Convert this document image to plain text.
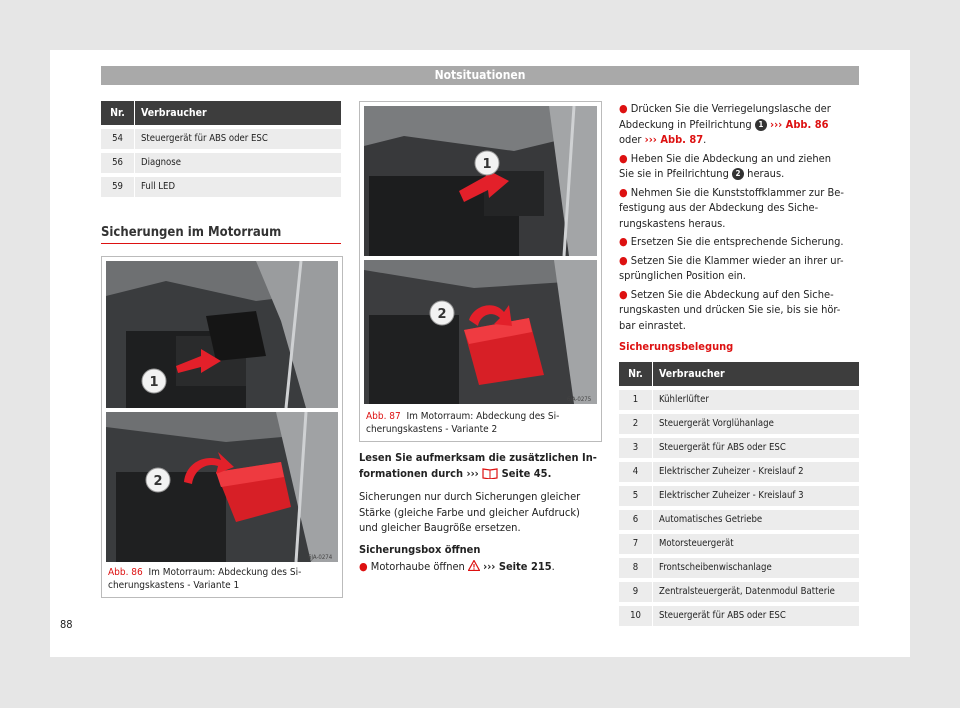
Notsituationen
Nr.	Verbraucher
54	Steuergerät für ABS oder ESC
56	Diagnose
59	Full LED
Sicherungen im Motorraum
1
2
6JA-0274
Abb. 86 Im Motorraum: Abdeckung des Si-
cherungskastens - Variante 1
1
2
6JA-0275
Abb. 87 Im Motorraum: Abdeckung des Si-
cherungskastens - Variante 2
Lesen Sie aufmerksam die zusätzlichen In-
formationen durch ››› Seite 45.
Sicherungen nur durch Sicherungen gleicher
Stärke (gleiche Farbe und gleicher Aufdruck)
und gleicher Baugröße ersetzen.
Sicherungsbox öffnen
● Motorhaube öffnen ››› Seite 215.
● Drücken Sie die Verriegelungslasche der
Abdeckung in Pfeilrichtung 1 ››› Abb. 86
oder ››› Abb. 87.
● Heben Sie die Abdeckung an und ziehen
Sie sie in Pfeilrichtung 2 heraus.
● Nehmen Sie die Kunststoffklammer zur Be-
festigung aus der Abdeckung des Siche-
rungskastens heraus.
● Ersetzen Sie die entsprechende Sicherung.
● Setzen Sie die Klammer wieder an ihrer ur-
sprünglichen Position ein.
● Setzen Sie die Abdeckung auf den Siche-
rungskasten und drücken Sie sie, bis sie hör-
bar einrastet.
Sicherungsbelegung
Nr.	Verbraucher
1	Kühlerlüfter
2	Steuergerät Vorglühanlage
3	Steuergerät für ABS oder ESC
4	Elektrischer Zuheizer - Kreislauf 2
5	Elektrischer Zuheizer - Kreislauf 3
6	Automatisches Getriebe
7	Motorsteuergerät
8	Frontscheibenwischanlage
9	Zentralsteuergerät, Datenmodul Batterie
10	Steuergerät für ABS oder ESC
88
